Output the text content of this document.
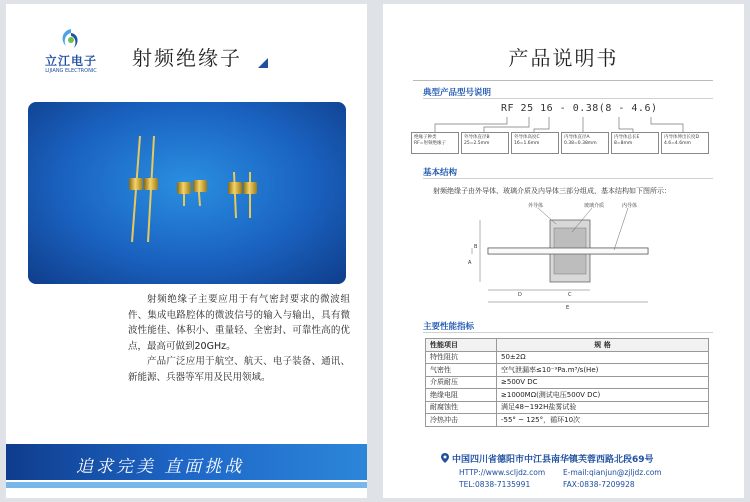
立江电子
LIJIANG ELECTRONIC
射频绝缘子

射频绝缘子主要应用于有气密封要求的微波组件、集成电路腔体的微波信号的输入与输出，具有微波性能佳、体积小、重量轻、全密封、可靠性高的优点，最高可做到20GHz。

产品广泛应用于航空、航天、电子装备、通讯、新能源、兵器等军用及民用领域。

追求完美 直面挑战
产品说明书
典型产品型号说明
RF 25 16 - 0.38(8 - 4.6)
绝缘子种类
RF=射频绝缘子
外导体直径B
25=2.5mm
外导体高度C
16=1.6mm
内导体直径A
0.38=0.38mm
内导体总长E
8=8mm
内导体伸出长度D
4.6=4.6mm
基本结构
射频绝缘子由外导体、玻璃介质及内导体三部分组成，基本结构如下图所示：
外导体	玻璃介质	内导体
A
B
C
D
E
主要性能指标
性能项目	规 格
特性阻抗	50±2Ω
气密性	空气泄漏率≤10⁻⁹Pa.m³/s(He)
介质耐压	≥500V DC
绝缘电阻	≥1000MΩ(测试电压500V DC)
耐腐蚀性	满足48~192H盐雾试验
冷热冲击	-55° ~ 125°，循环10次
中国四川省德阳市中江县南华镇芙蓉西路北段69号
HTTP://www.scljdz.com E-mail:qianjun@zjljdz.com
TEL:0838-7135991	FAX:0838-7209928
